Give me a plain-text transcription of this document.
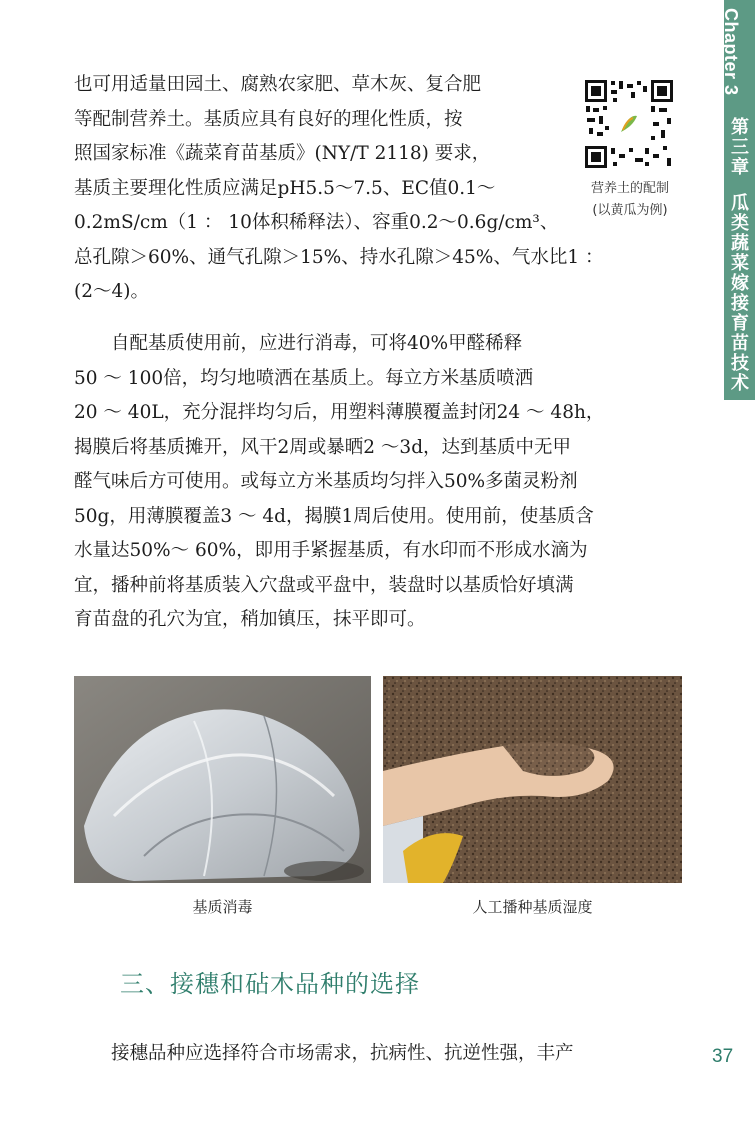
Chapter 3
第三章
瓜类蔬菜嫁接育苗技术
也可用适量田园土、腐熟农家肥、草木灰、复合肥
等配制营养土。基质应具有良好的理化性质，按
照国家标准《蔬菜育苗基质》(NY/T 2118) 要求，
基质主要理化性质应满足pH5.5～7.5、EC值0.1～
0.2mS/cm（1 ： 10体积稀释法）、容重0.2～0.6g/cm³、
总孔隙＞60%、通气孔隙＞15%、持水孔隙＞45%、气水比1 ：
(2～4)。
营养土的配制
(以黄瓜为例)
　　自配基质使用前，应进行消毒，可将40%甲醛稀释
50 ～ 100倍，均匀地喷洒在基质上。每立方米基质喷洒
20 ～ 40L，充分混拌均匀后，用塑料薄膜覆盖封闭24 ～ 48h，
揭膜后将基质摊开，风干2周或暴晒2 ～3d，达到基质中无甲
醛气味后方可使用。或每立方米基质均匀拌入50%多菌灵粉剂
50g，用薄膜覆盖3 ～ 4d，揭膜1周后使用。使用前，使基质含
水量达50%～ 60%，即用手紧握基质，有水印而不形成水滴为
宜，播种前将基质装入穴盘或平盘中，装盘时以基质恰好填满
育苗盘的孔穴为宜，稍加镇压，抹平即可。
基质消毒	人工播种基质湿度
三、接穗和砧木品种的选择
　　接穗品种应选择符合市场需求，抗病性、抗逆性强，丰产	37
